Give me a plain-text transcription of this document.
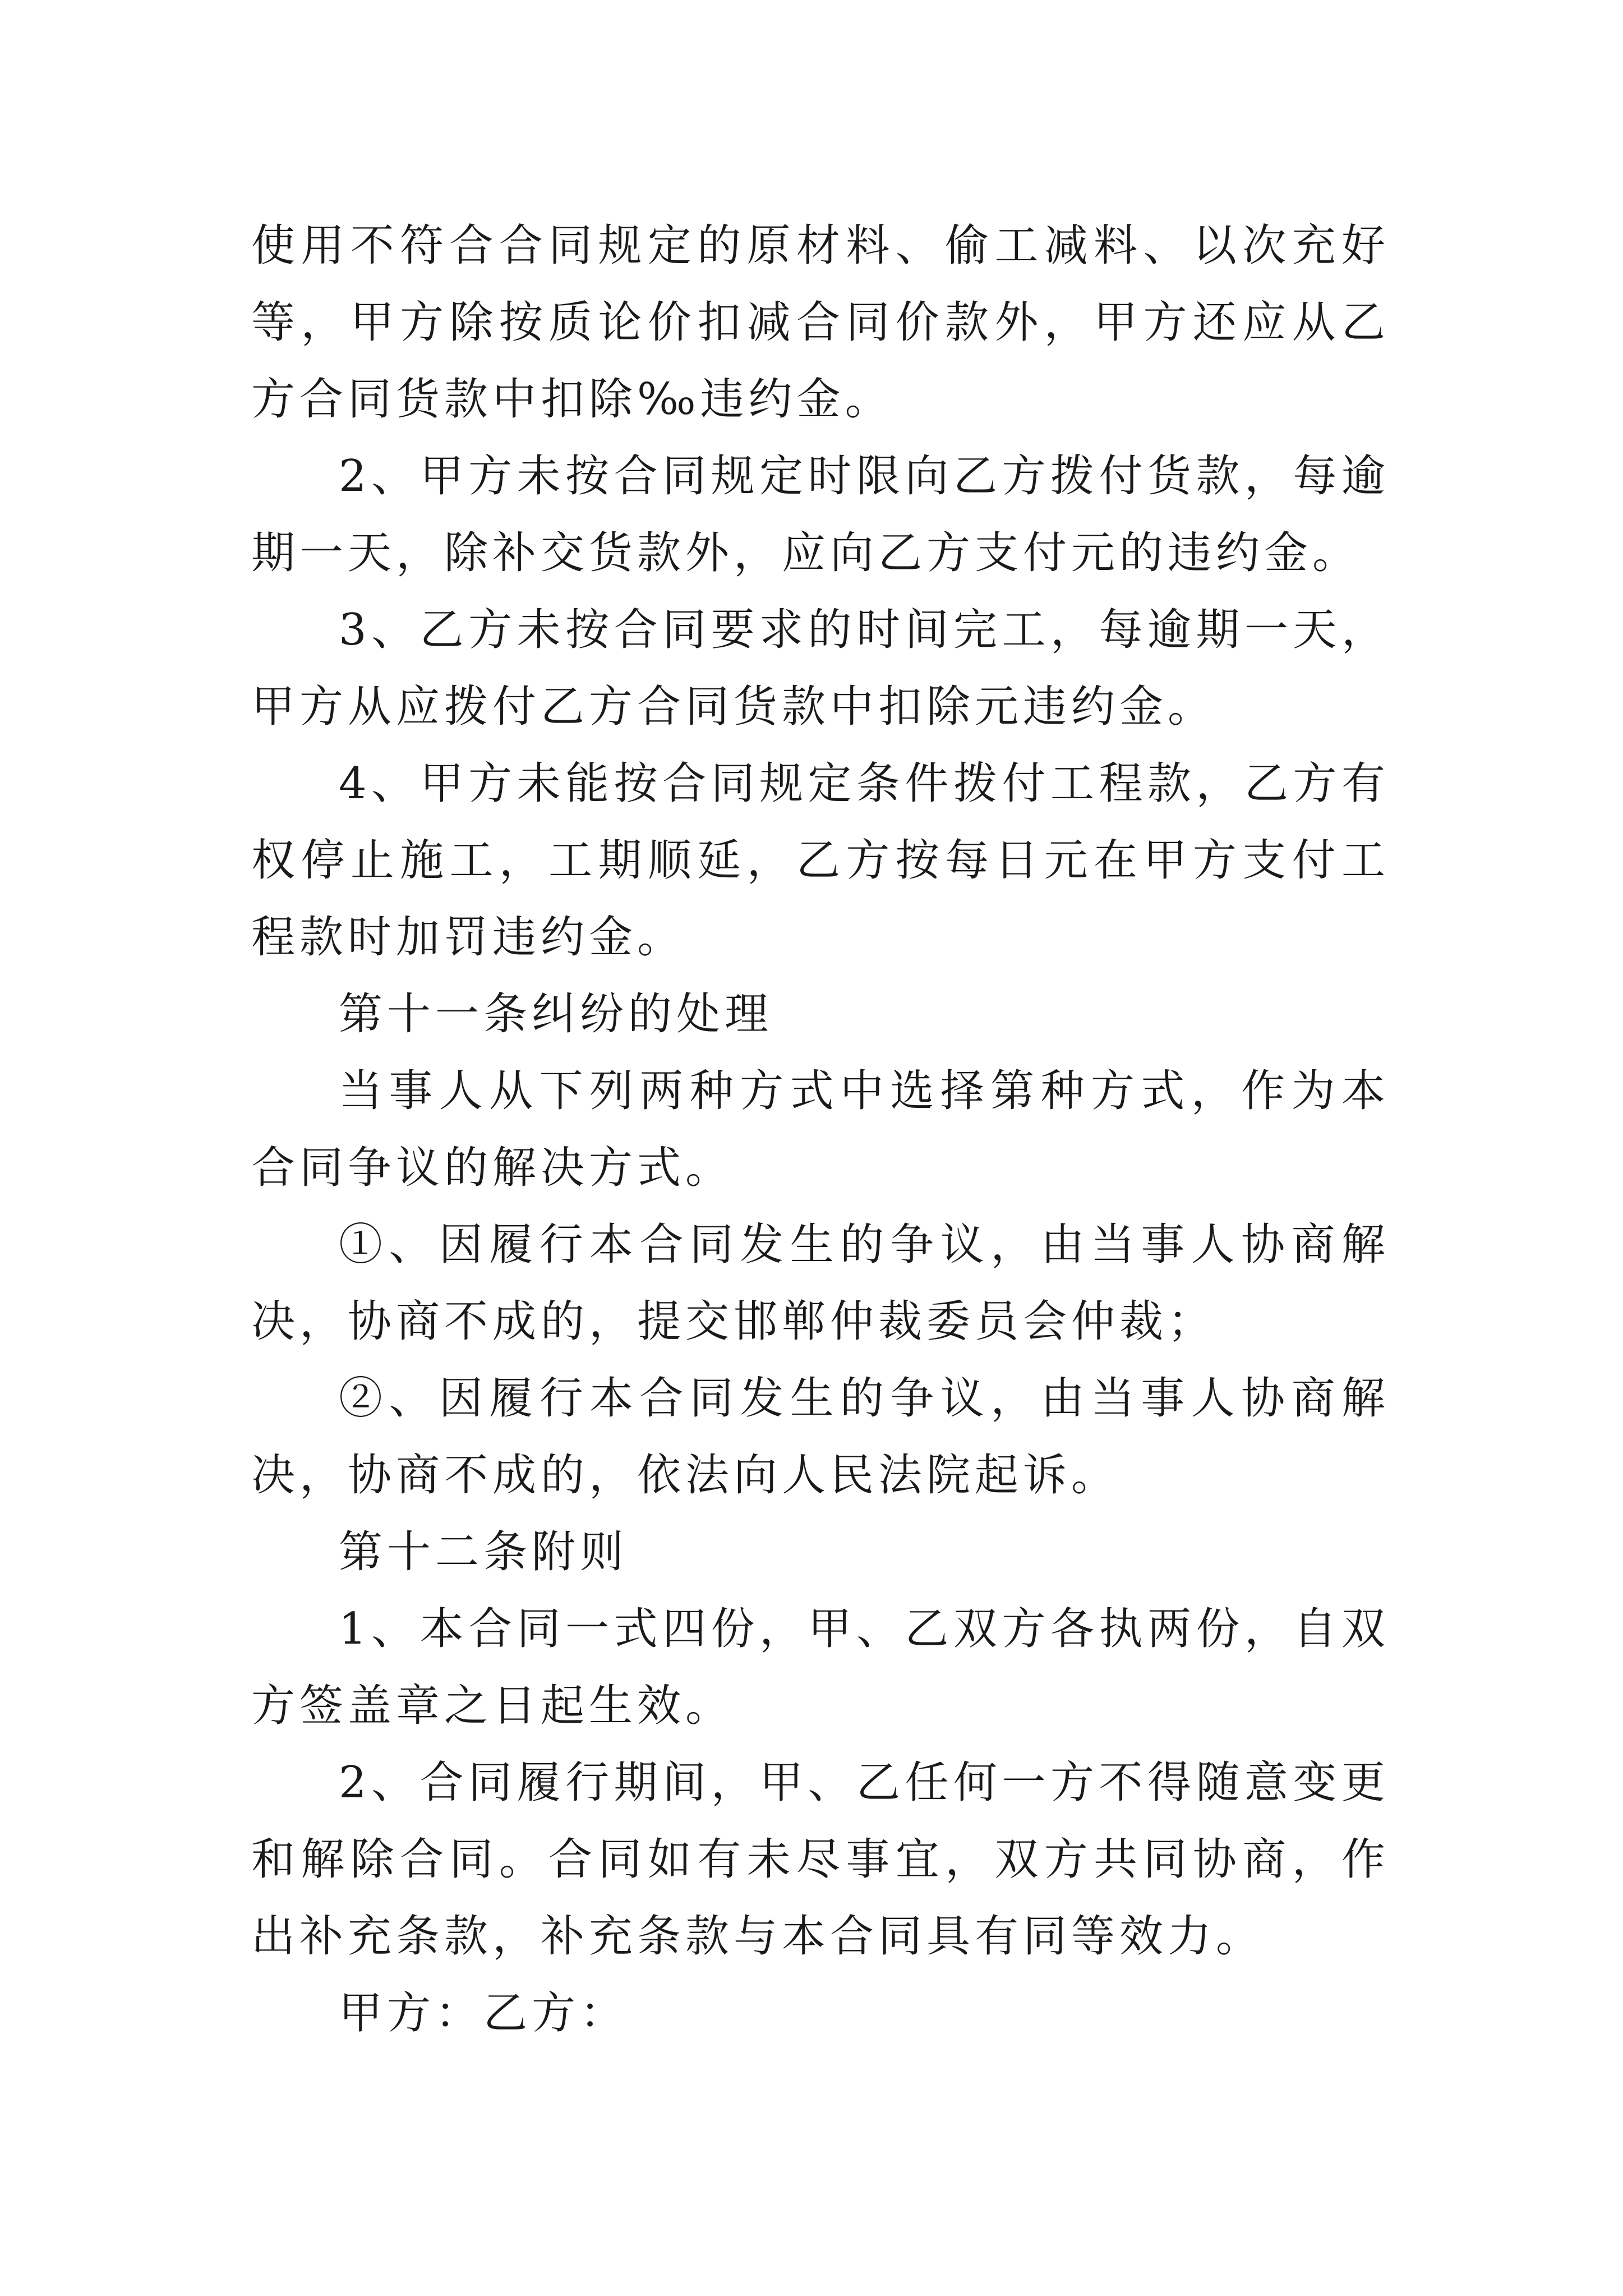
使用不符合合同规定的原材料、偷工减料、以次充好等，甲方除按质论价扣减合同价款外，甲方还应从乙方合同货款中扣除‰违约金。

2、甲方未按合同规定时限向乙方拨付货款，每逾期一天，除补交货款外，应向乙方支付元的违约金。

3、乙方未按合同要求的时间完工，每逾期一天，甲方从应拨付乙方合同货款中扣除元违约金。

4、甲方未能按合同规定条件拨付工程款，乙方有权停止施工，工期顺延，乙方按每日元在甲方支付工程款时加罚违约金。

第十一条纠纷的处理

当事人从下列两种方式中选择第种方式，作为本合同争议的解决方式。

①、因履行本合同发生的争议，由当事人协商解决，协商不成的，提交邯郸仲裁委员会仲裁；

②、因履行本合同发生的争议，由当事人协商解决，协商不成的，依法向人民法院起诉。

第十二条附则

1、本合同一式四份，甲、乙双方各执两份，自双方签盖章之日起生效。

2、合同履行期间，甲、乙任何一方不得随意变更和解除合同。合同如有未尽事宜，双方共同协商，作出补充条款，补充条款与本合同具有同等效力。

甲方：乙方：
